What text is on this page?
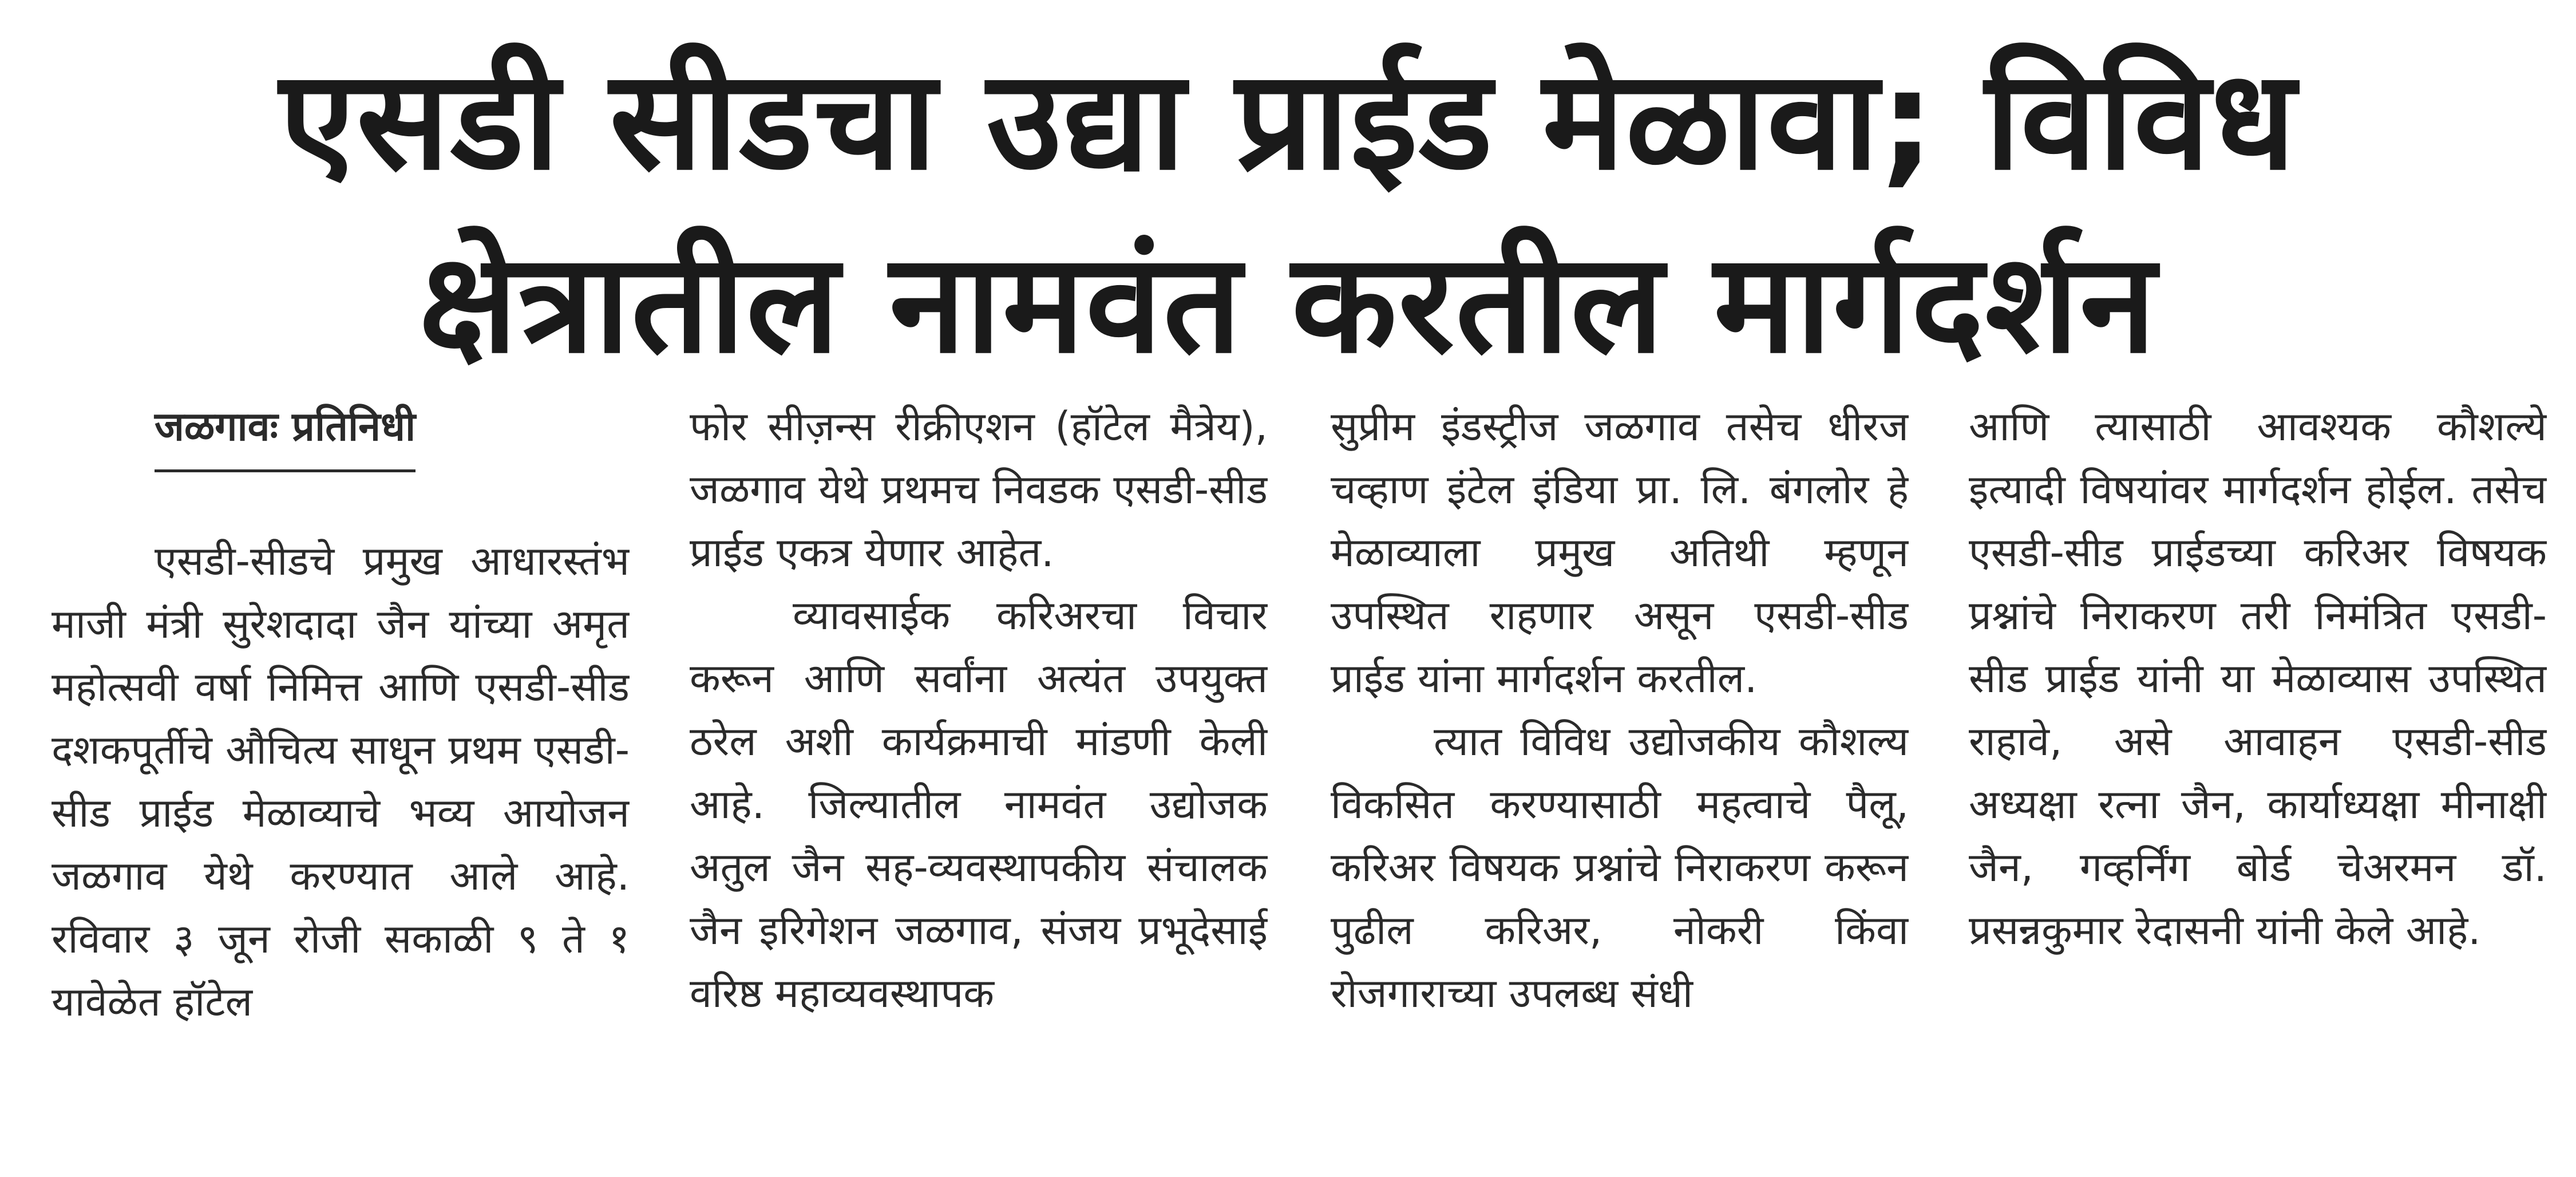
एसडी सीडचा उद्या प्राईड मेळावा; विविध
क्षेत्रातील नामवंत करतील मार्गदर्शन
जळगावः प्रतिनिधी

एसडी-सीडचे प्रमुख आधारस्तंभ माजी मंत्री सुरेशदादा जैन यांच्या अमृत महोत्सवी वर्षा निमित्त आणि एसडी-सीड दशकपूर्तीचे औचित्य साधून प्रथम एसडी-सीड प्राईड मेळाव्याचे भव्य आयोजन जळगाव येथे करण्यात आले आहे. रविवार ३ जून रोजी सकाळी ९ ते १ यावेळेत हॉटेल

फोर सीज़न्स रीक्रीएशन (हॉटेल मैत्रेय), जळगाव येथे प्रथमच निवडक एसडी-सीड प्राईड एकत्र येणार आहेत.

व्यावसाईक करिअरचा विचार करून आणि सर्वांना अत्यंत उपयुक्त ठरेल अशी कार्यक्रमाची मांडणी केली आहे. जिल्यातील नामवंत उद्योजक अतुल जैन सह-व्यवस्थापकीय संचालक जैन इरिगेशन जळगाव, संजय प्रभूदेसाई वरिष्ठ महाव्यवस्थापक

सुप्रीम इंडस्ट्रीज जळगाव तसेच धीरज चव्हाण इंटेल इंडिया प्रा. लि. बंगलोर हे मेळाव्याला प्रमुख अतिथी म्हणून उपस्थित राहणार असून एसडी-सीड प्राईड यांना मार्गदर्शन करतील.

त्यात विविध उद्योजकीय कौशल्य विकसित करण्यासाठी महत्वाचे पैलू, करिअर विषयक प्रश्नांचे निराकरण करून पुढील करिअर, नोकरी किंवा रोजगाराच्या उपलब्ध संधी

आणि त्यासाठी आवश्यक कौशल्ये इत्यादी विषयांवर मार्गदर्शन होईल. तसेच एसडी-सीड प्राईडच्या करिअर विषयक प्रश्नांचे निराकरण तरी निमंत्रित एसडी-सीड प्राईड यांनी या मेळाव्यास उपस्थित राहावे, असे आवाहन एसडी-सीड अध्यक्षा रत्ना जैन, कार्याध्यक्षा मीनाक्षी जैन, गव्हर्निंग बोर्ड चेअरमन डॉ. प्रसन्नकुमार रेदासनी यांनी केले आहे.
